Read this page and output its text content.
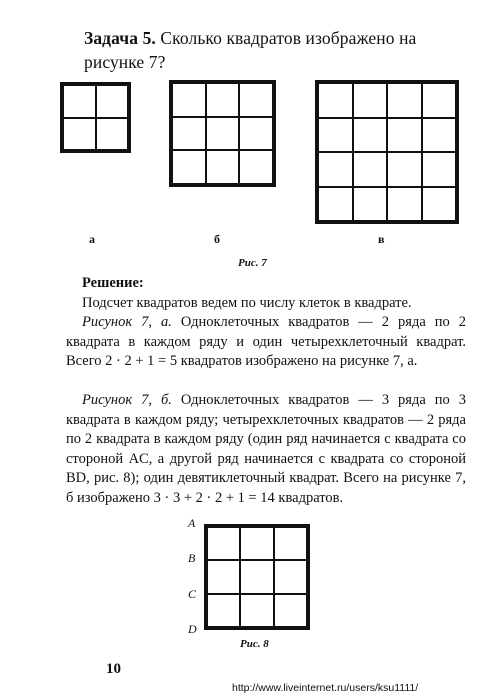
Задача 5. Сколько квадратов изображено на рисунке 7?

а	б	в
Рис. 7
Решение:
Подсчет квадратов ведем по числу клеток в квадрате.
Рисунок 7, а. Одноклеточных квадратов — 2 ряда по 2 квадрата в каждом ряду и один четырехклеточный квадрат. Всего 2 · 2 + 1 = 5 квадратов изображено на рисунке 7, а.
Рисунок 7, б. Одноклеточных квадратов — 3 ряда по 3 квадрата в каждом ряду; четырехклеточных квадратов — 2 ряда по 2 квадрата в каждом ряду (один ряд начинается с квадрата со стороной AC, а другой ряд начинается с квадрата со стороной BD, рис. 8); один девятиклеточный квадрат. Всего на рисунке 7, б изображено 3 · 3 + 2 · 2 + 1 = 14 квадратов.
A
B
C
D

Рис. 8
10
http://www.liveinternet.ru/users/ksu1111/
